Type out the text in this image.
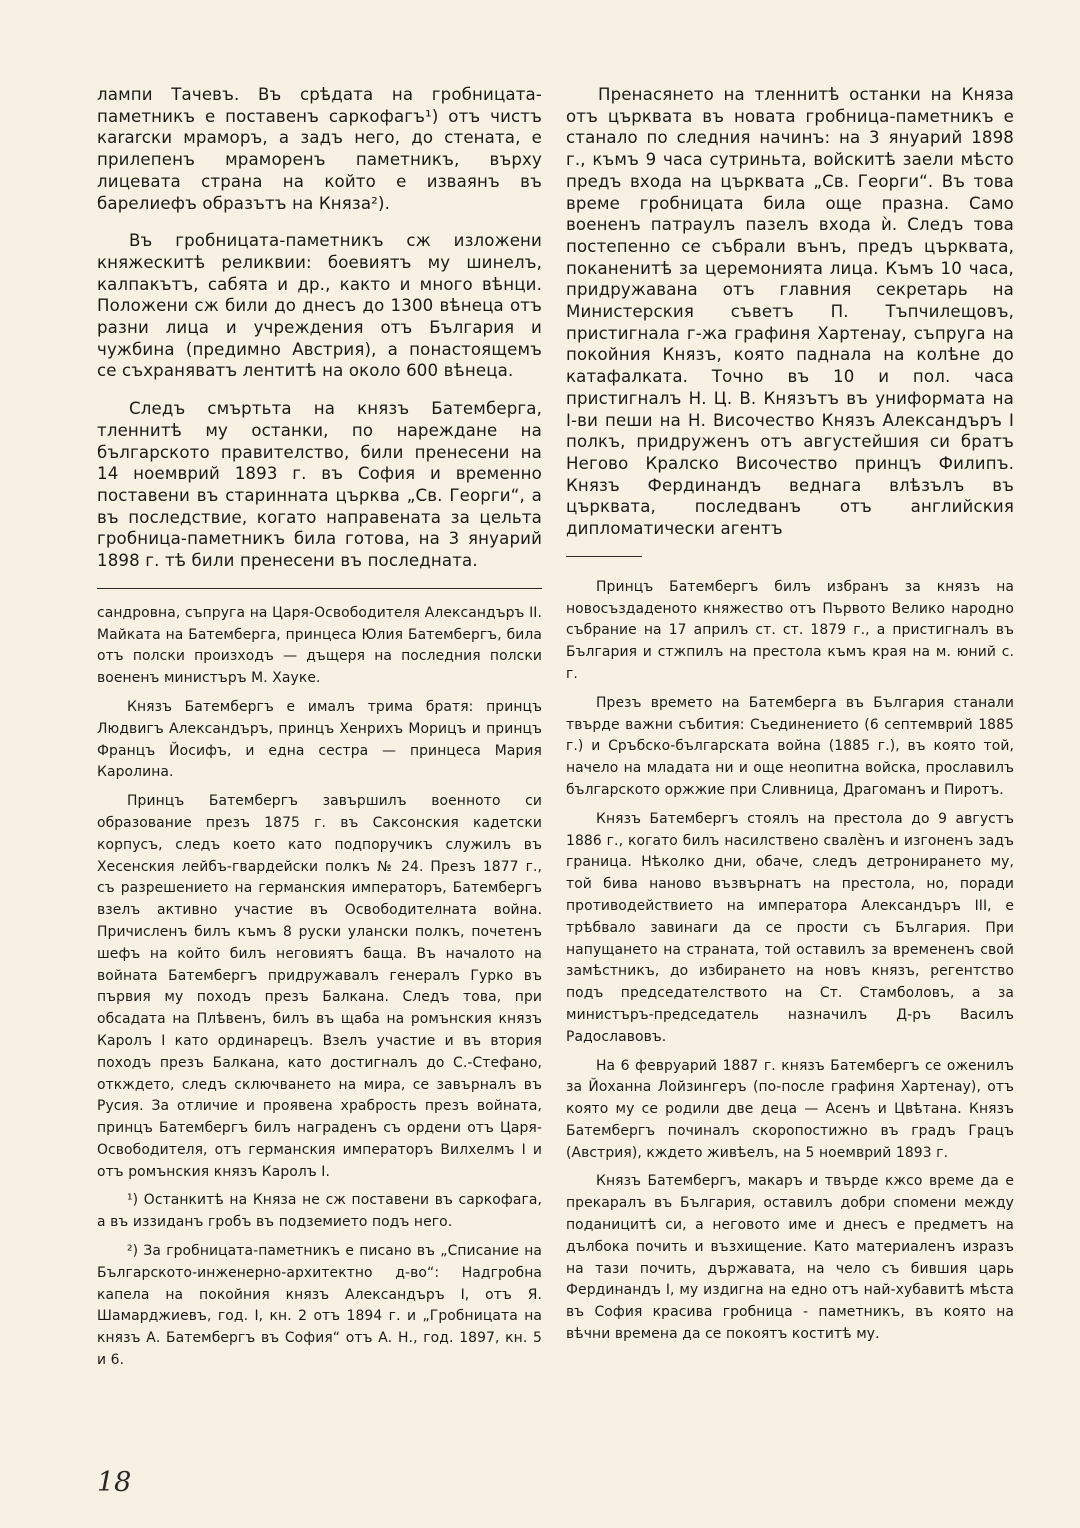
лампи Тачевъ. Въ срѣдата на гробницата-паметникъ е поставенъ саркофагъ¹) отъ чистъ кararски мраморъ, а задъ него, до стената, е прилепенъ мраморенъ паметникъ, върху лицевата страна на който е изваянъ въ барелиефъ образътъ на Княза²).

Въ гробницата-паметникъ сж изложени княжескитѣ реликвии: боевиятъ му шинелъ, калпакътъ, сабята и др., както и много вѣнци. Положени сж били до днесъ до 1300 вѣнеца отъ разни лица и учреждения отъ България и чужбина (предимно Австрия), а понастоящемъ се съхраняватъ лентитѣ на около 600 вѣнеца.

Следъ смъртьта на князъ Батемберга, тленнитѣ му останки, по нареждане на българското правителство, били пренесени на 14 ноемврий 1893 г. въ София и временно поставени въ старинната църква „Св. Георги“, а въ последствие, когато направената за цельта гробница-паметникъ била готова, на 3 януарий 1898 г. тѣ били пренесени въ последната.

сандровна, съпруга на Царя-Освободителя Александъръ II. Майката на Батемберга, принцеса Юлия Батембергъ, била отъ полски произходъ — дъщеря на последния полски воененъ министъръ М. Хауке.

Князъ Батембергъ е ималъ трима братя: принцъ Людвигъ Александъръ, принцъ Хенрихъ Морицъ и принцъ Францъ Йосифъ, и една сестра — принцеса Мария Каролина.

Принцъ Батембергъ завършилъ военното си образование презъ 1875 г. въ Саксонския кадетски корпусъ, следъ което като подпоручикъ служилъ въ Хесенския лейбъ-гвардейски полкъ № 24. Презъ 1877 г., съ разрешението на германския императоръ, Батембергъ взелъ активно участие въ Освободителната война. Причисленъ билъ къмъ 8 руски улански полкъ, почетенъ шефъ на който билъ неговиятъ баща. Въ началото на войната Батембергъ придружавалъ генералъ Гурко въ първия му походъ презъ Балкана. Следъ това, при обсадата на Плѣвенъ, билъ въ щаба на ромънския князъ Каролъ I като ординарецъ. Взелъ участие и въ втория походъ презъ Балкана, като достигналъ до С.-Стефано, откждето, следъ сключването на мира, се завърналъ въ Русия. За отличие и проявена храбрость презъ войната, принцъ Батембергъ билъ награденъ съ ордени отъ Царя-Освободителя, отъ германския императоръ Вилхелмъ I и отъ ромънския князъ Каролъ I.

¹) Останкитѣ на Княза не сж поставени въ саркофага, а въ иззиданъ гробъ въ подземието подъ него.

²) За гробницата-паметникъ е писано въ „Списание на Българското-инженерно-архитектно д-во“: Надгробна капела на покойния князъ Александъръ I, отъ Я. Шамарджиевъ, год. I, кн. 2 отъ 1894 г. и „Гробницата на князъ А. Батембергъ въ София“ отъ А. Н., год. 1897, кн. 5 и 6.

Пренасянето на тленнитѣ останки на Княза отъ църквата въ новата гробница-паметникъ е станало по следния начинъ: на 3 януарий 1898 г., къмъ 9 часа сутриньта, войскитѣ заели мѣсто предъ входа на църквата „Св. Георги“. Въ това време гробницата била още празна. Само воененъ патраулъ пазелъ входа ѝ. Следъ това постепенно се събрали вънъ, предъ църквата, поканенитѣ за церемонията лица. Къмъ 10 часа, придружавана отъ главния секретарь на Министерския съветъ П. Тъпчилещовъ, пристигнала г-жа графиня Хартенау, съпруга на покойния Князъ, която паднала на колѣне до катафалката. Точно въ 10 и пол. часа пристигналъ Н. Ц. В. Князътъ въ униформата на I-ви пеши на Н. Височество Князъ Александъръ I полкъ, придруженъ отъ августейшия си братъ Негово Кралско Височество принцъ Филипъ. Князъ Фердинандъ веднага влѣзълъ въ църквата, последванъ отъ английския дипломатически агентъ

Принцъ Батембергъ билъ избранъ за князъ на новосъздаденото княжество отъ Първото Велико народно събрание на 17 априлъ ст. ст. 1879 г., а пристигналъ въ България и стжпилъ на престола къмъ края на м. юний с. г.

Презъ времето на Батемберга въ България станали твърде важни събития: Съединението (6 септемврий 1885 г.) и Сръбско-българската война (1885 г.), въ която той, начело на младата ни и още неопитна войска, прославилъ българското оржжие при Сливница, Драгоманъ и Пиротъ.

Князъ Батембергъ стоялъ на престола до 9 августъ 1886 г., когато билъ насилствено свалѐнъ и изгоненъ задъ граница. Нѣколко дни, обаче, следъ детронирането му, той бива наново възвърнатъ на престола, но, поради противодействието на императора Александъръ III, е трѣбвало завинаги да се прости съ България. При напущането на страната, той оставилъ за времененъ свой замѣстникъ, до избирането на новъ князъ, регентство подъ председателството на Ст. Стамболовъ, а за министъръ-председатель назначилъ Д-ръ Василъ Радославовъ.

На 6 февруарий 1887 г. князъ Батембергъ се оженилъ за Йоханна Лойзингеръ (по-после графиня Хартенау), отъ която му се родили две деца — Асенъ и Цвѣтана. Князъ Батембергъ починалъ скоропостижно въ градъ Грацъ (Австрия), кждето живѣелъ, на 5 ноемврий 1893 г.

Князъ Батембергъ, макаръ и твърде кжсо време да е прекаралъ въ България, оставилъ добри спомени между поданицитѣ си, а неговото име и днесъ е предметъ на дълбока почить и възхищение. Като материаленъ изразъ на тази почить, държавата, на чело съ бившия царь Фердинандъ I, му издигна на едно отъ най-хубавитѣ мѣста въ София красива гробница - паметникъ, въ която на вѣчни времена да се покоятъ коститѣ му.

18
